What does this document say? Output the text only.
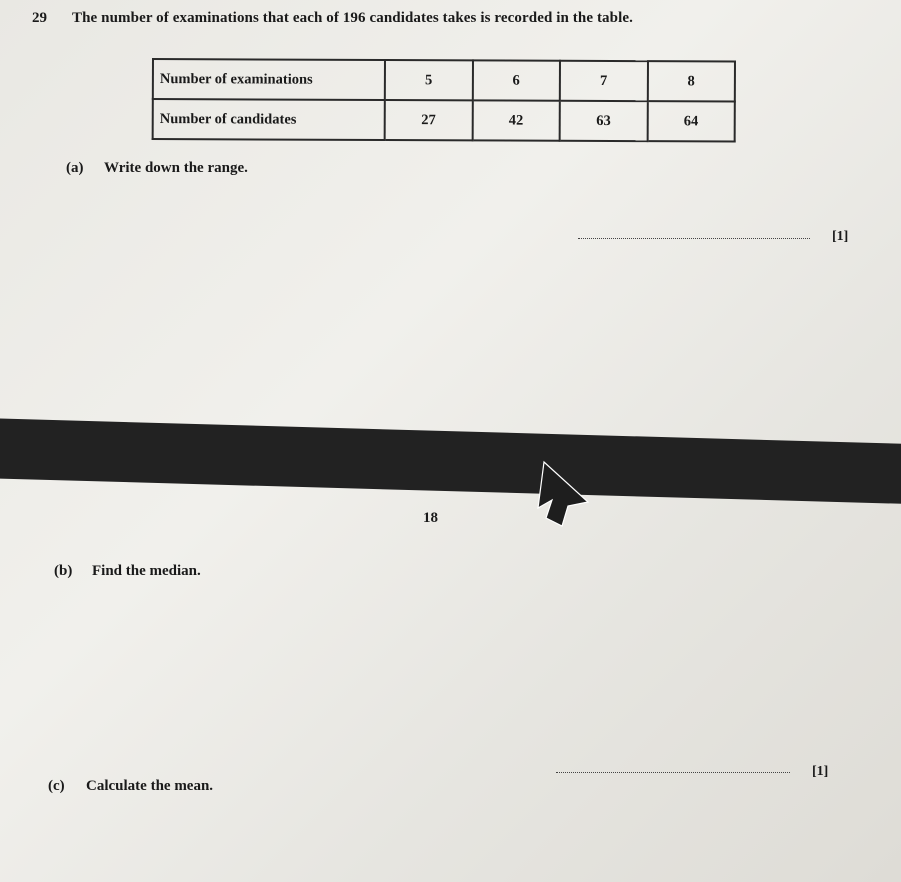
29 The number of examinations that each of 196 candidates takes is recorded in the table.
Number of examinations	5	6	7	8
Number of candidates	27	42	63	64
(a) Write down the range.
[1]
18
(b) Find the median.
[1]
(c) Calculate the mean.
